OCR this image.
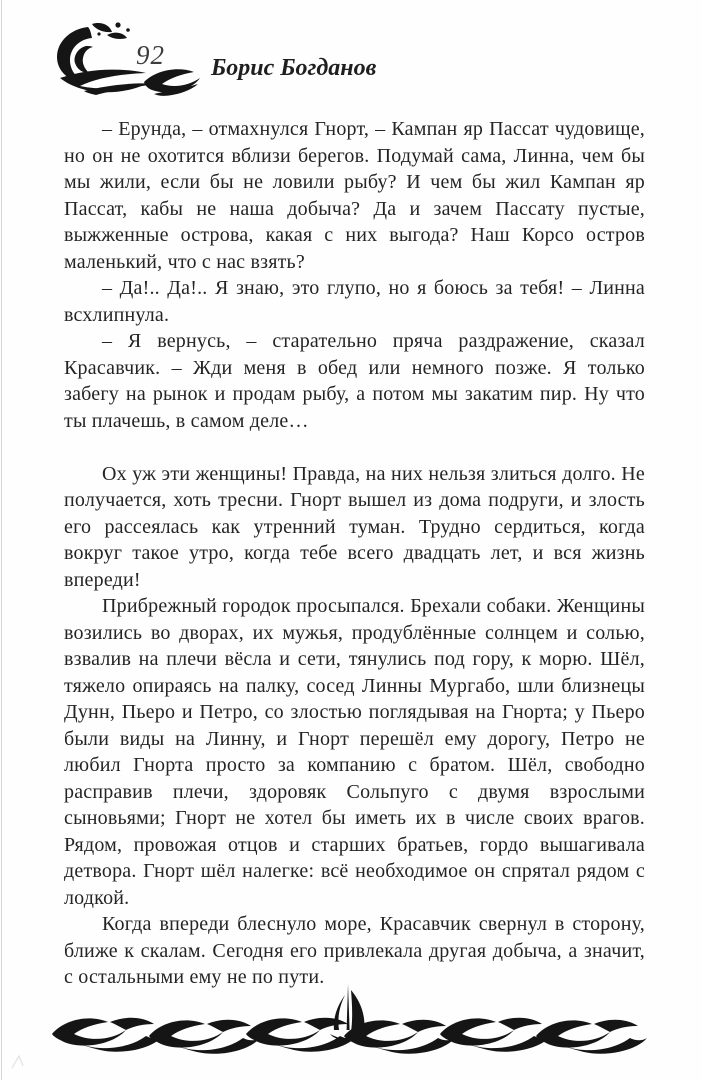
92 Борис Богданов

– Ерунда, – отмахнулся Гнорт, – Кампан яр Пассат чудовище, но он не охотится вблизи берегов. Подумай сама, Линна, чем бы мы жили, если бы не ловили рыбу? И чем бы жил Кампан яр Пассат, кабы не наша добыча? Да и зачем Пассату пустые, выжженные острова, какая с них выгода? Наш Корсо остров маленький, что с нас взять?

– Да!.. Да!.. Я знаю, это глупо, но я боюсь за тебя! – Линна всхлипнула.

– Я вернусь, – старательно пряча раздражение, сказал Красавчик. – Жди меня в обед или немного позже. Я только забегу на рынок и продам рыбу, а потом мы закатим пир. Ну что ты плачешь, в самом деле…

Ох уж эти женщины! Правда, на них нельзя злиться долго. Не получается, хоть тресни. Гнорт вышел из дома подруги, и злость его рассеялась как утренний туман. Трудно сердиться, когда вокруг такое утро, когда тебе всего двадцать лет, и вся жизнь впереди!

Прибрежный городок просыпался. Брехали собаки. Женщины возились во дворах, их мужья, продублённые солнцем и солью, взвалив на плечи вёсла и сети, тянулись под гору, к морю. Шёл, тяжело опираясь на палку, сосед Линны Мургабо, шли близнецы Дунн, Пьеро и Петро, со злостью поглядывая на Гнорта; у Пьеро были виды на Линну, и Гнорт перешёл ему дорогу, Петро не любил Гнорта просто за компанию с братом. Шёл, свободно расправив плечи, здоровяк Сольпуго с двумя взрослыми сыновьями; Гнорт не хотел бы иметь их в числе своих врагов. Рядом, провожая отцов и старших братьев, гордо вышагивала детвора. Гнорт шёл налегке: всё необходимое он спрятал рядом с лодкой.

Когда впереди блеснуло море, Красавчик свернул в сторону, ближе к скалам. Сегодня его привлекала другая добыча, а значит, с остальными ему не по пути.
